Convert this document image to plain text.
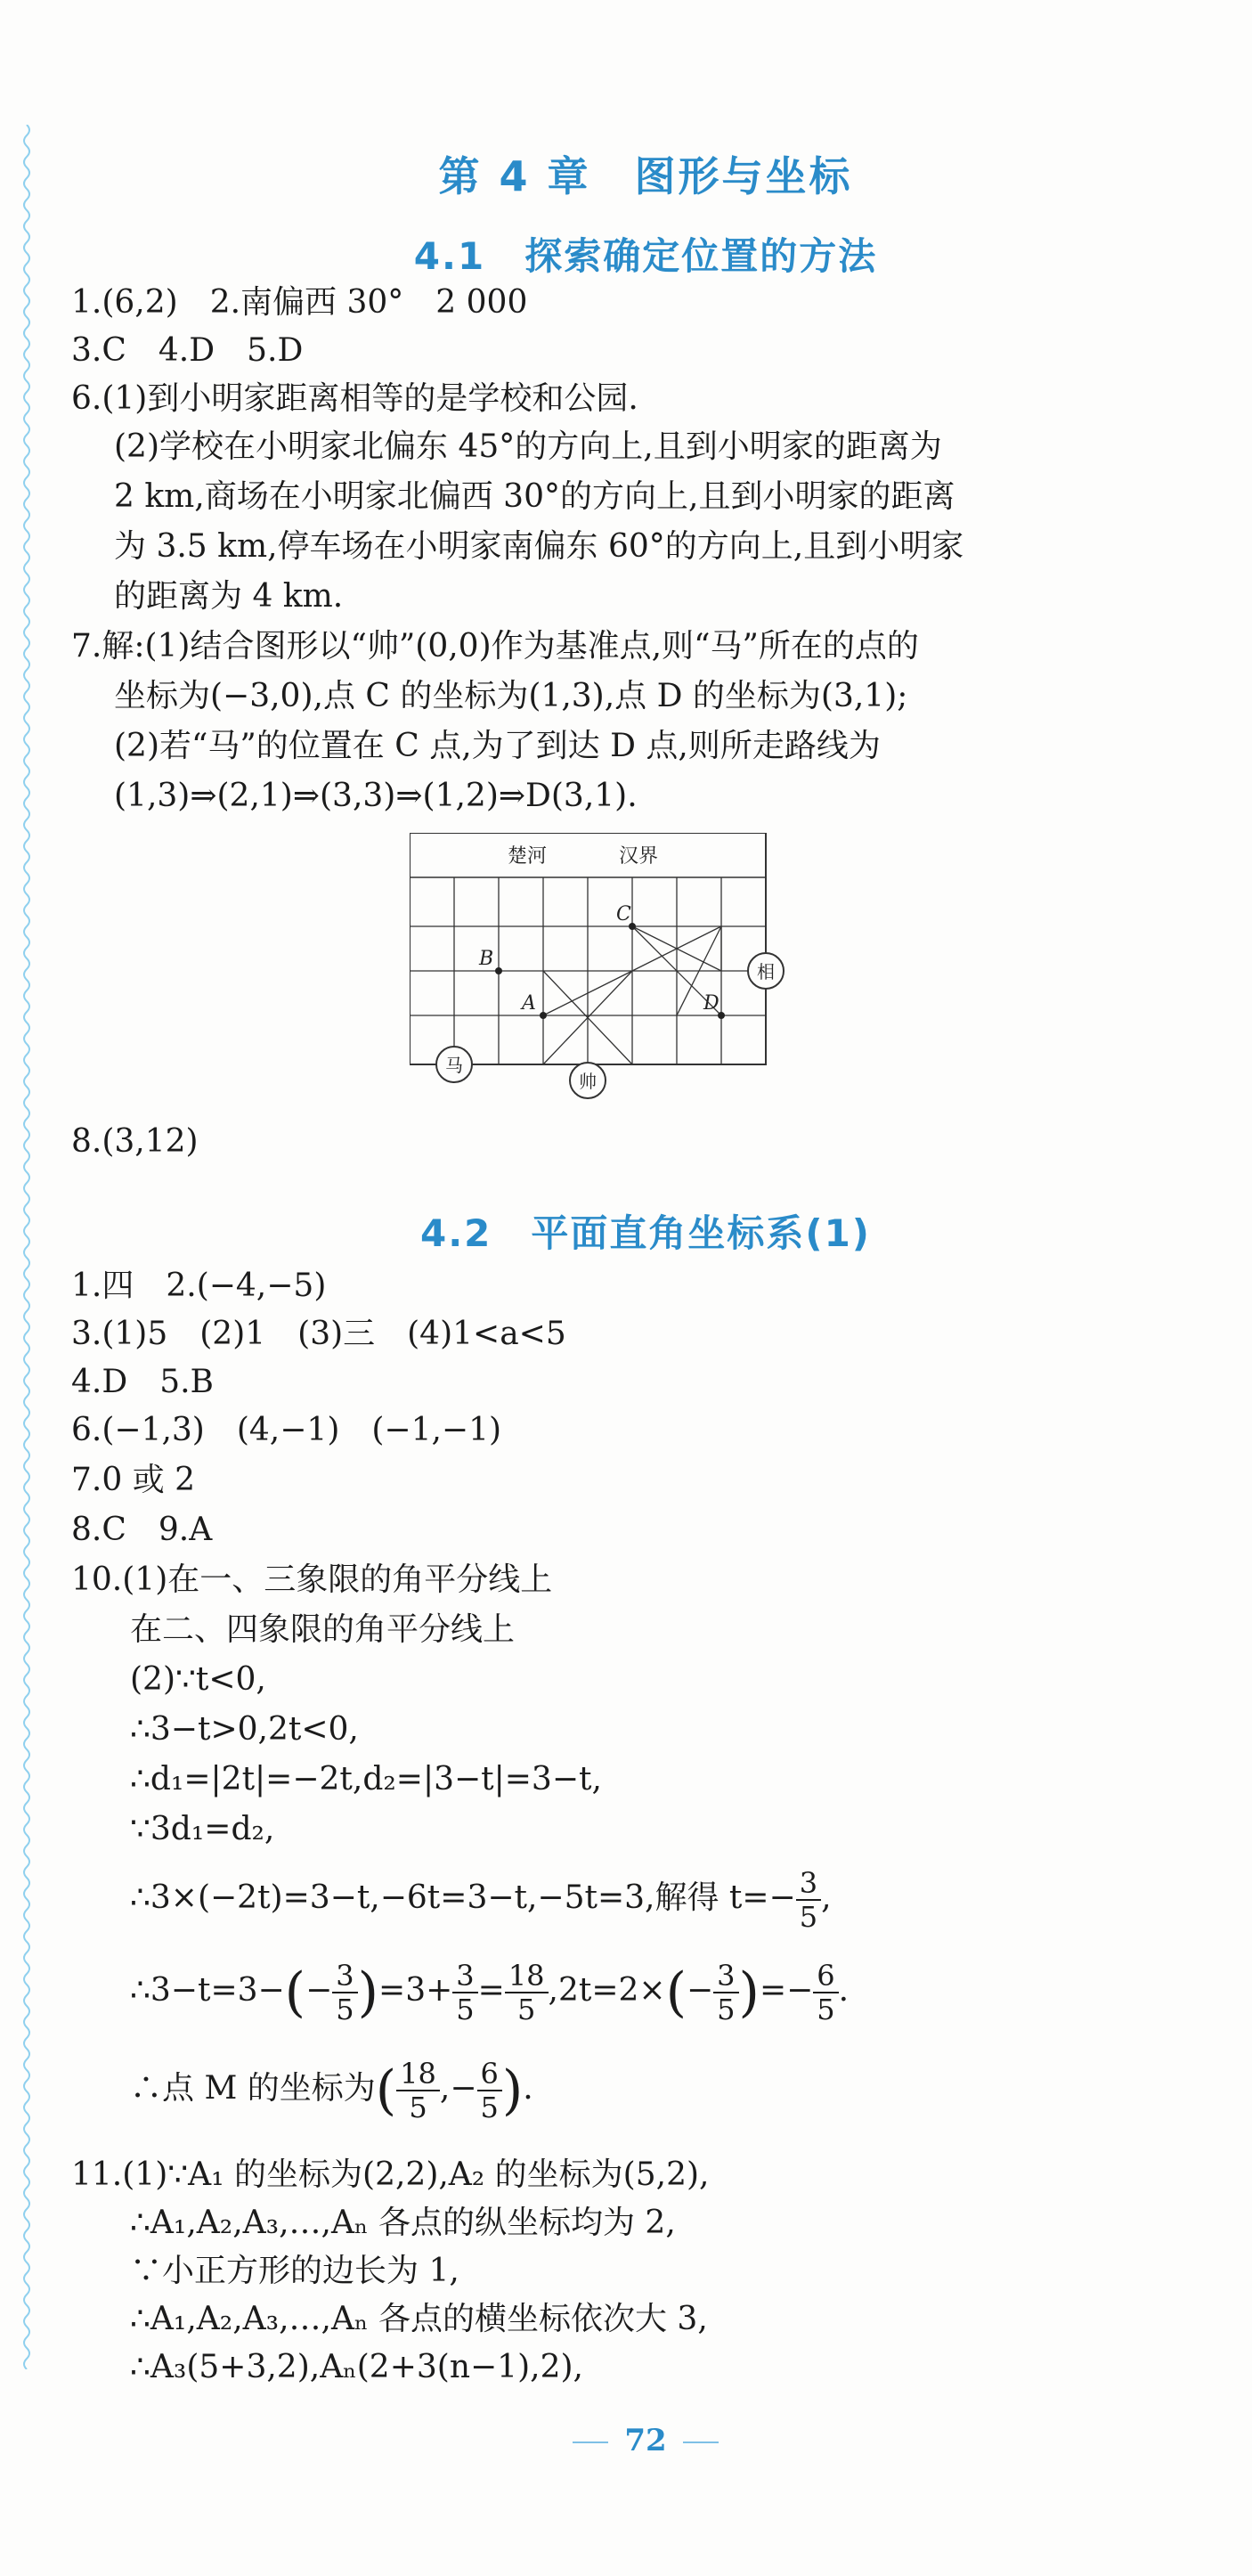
第 4 章　图形与坐标
4.1　探索确定位置的方法
1.(6,2)　2.南偏西 30°　2 000
3.C　4.D　5.D
6.(1)到小明家距离相等的是学校和公园.
(2)学校在小明家北偏东 45°的方向上,且到小明家的距离为
2 km,商场在小明家北偏西 30°的方向上,且到小明家的距离
为 3.5 km,停车场在小明家南偏东 60°的方向上,且到小明家
的距离为 4 km.
7.解:(1)结合图形以“帅”(0,0)作为基准点,则“马”所在的点的
坐标为(−3,0),点 C 的坐标为(1,3),点 D 的坐标为(3,1);
(2)若“马”的位置在 C 点,为了到达 D 点,则所走路线为
(1,3)⇒(2,1)⇒(3,3)⇒(1,2)⇒D(3,1).
楚河	汉界
C
B
A	D
相
马
帅
8.(3,12)
4.2　平面直角坐标系(1)
1.四　2.(−4,−5)
3.(1)5　(2)1　(3)三　(4)1<a<5
4.D　5.B
6.(−1,3)　(4,−1)　(−1,−1)
7.0 或 2
8.C　9.A
10.(1)在一、三象限的角平分线上
在二、四象限的角平分线上
(2)∵t<0,
∴3−t>0,2t<0,
∴d₁=|2t|=−2t,d₂=|3−t|=3−t,
∵3d₁=d₂,
∴3×(−2t)=3−t,−6t=3−t,−5t=3,解得 $t=- \frac{3}{5}$ ,
∴3−t=3−(− $\frac{3}{5} )=3+ \frac{3}{5} = \frac{18}{5} ,2t=2\times(- \frac{3}{5}$ )=− $\frac{6}{5}$ .
∴点 M 的坐标为( $\frac{18}{5}$ ,− $\frac{6}{5}$ ).
11.(1)∵A₁ 的坐标为(2,2),A₂ 的坐标为(5,2),
∴A₁,A₂,A₃,…,Aₙ 各点的纵坐标均为 2,
∵小正方形的边长为 1,
∴A₁,A₂,A₃,…,Aₙ 各点的横坐标依次大 3,
∴A₃(5+3,2),Aₙ(2+3(n−1),2),
72
